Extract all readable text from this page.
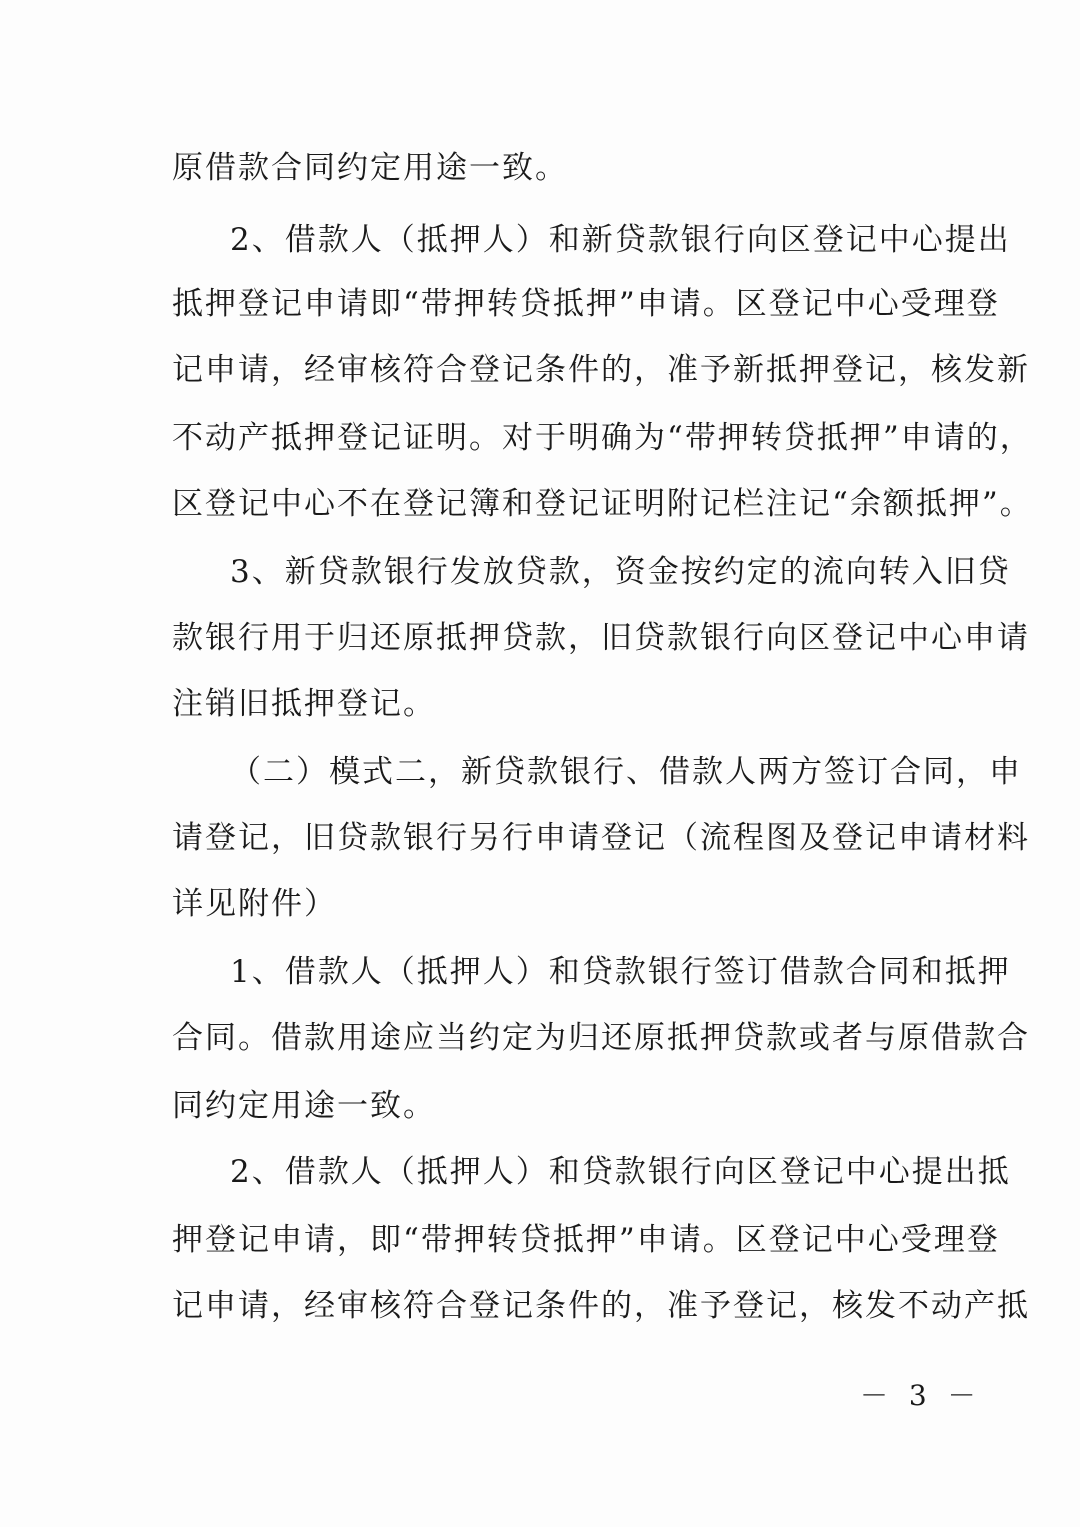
原借款合同约定用途一致。
2、借款人（抵押人）和新贷款银行向区登记中心提出
抵押登记申请即“带押转贷抵押”申请。区登记中心受理登
记申请，经审核符合登记条件的，准予新抵押登记，核发新
不动产抵押登记证明。对于明确为“带押转贷抵押”申请的，
区登记中心不在登记簿和登记证明附记栏注记“余额抵押”。
3、新贷款银行发放贷款，资金按约定的流向转入旧贷
款银行用于归还原抵押贷款，旧贷款银行向区登记中心申请
注销旧抵押登记。
（二）模式二，新贷款银行、借款人两方签订合同，申
请登记，旧贷款银行另行申请登记（流程图及登记申请材料
详见附件）
1、借款人（抵押人）和贷款银行签订借款合同和抵押
合同。借款用途应当约定为归还原抵押贷款或者与原借款合
同约定用途一致。
2、借款人（抵押人）和贷款银行向区登记中心提出抵
押登记申请，即“带押转贷抵押”申请。区登记中心受理登
记申请，经审核符合登记条件的，准予登记，核发不动产抵
－ 3 －
